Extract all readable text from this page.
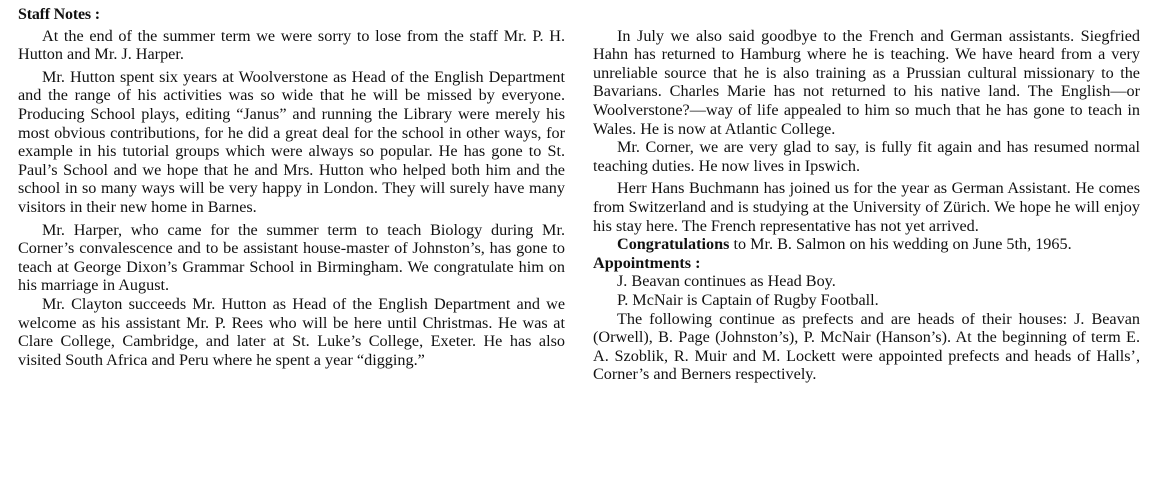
Staff Notes :

At the end of the summer term we were sorry to lose from the staff Mr. P. H. Hutton and Mr. J. Harper.

Mr. Hutton spent six years at Woolverstone as Head of the English Department and the range of his activities was so wide that he will be missed by everyone. Producing School plays, editing “Janus” and running the Library were merely his most obvious contributions, for he did a great deal for the school in other ways, for example in his tutorial groups which were always so popular. He has gone to St. Paul’s School and we hope that he and Mrs. Hutton who helped both him and the school in so many ways will be very happy in London. They will surely have many visitors in their new home in Barnes.

Mr. Harper, who came for the summer term to teach Biology during Mr. Corner’s convalescence and to be assistant house-master of Johnston’s, has gone to teach at George Dixon’s Grammar School in Birmingham. We congratulate him on his marriage in August.

Mr. Clayton succeeds Mr. Hutton as Head of the English Department and we welcome as his assistant Mr. P. Rees who will be here until Christmas. He was at Clare College, Cambridge, and later at St. Luke’s College, Exeter. He has also visited South Africa and Peru where he spent a year “digging.”

In July we also said goodbye to the French and German assistants. Siegfried Hahn has returned to Hamburg where he is teaching. We have heard from a very unreliable source that he is also training as a Prussian cultural missionary to the Bavarians. Charles Marie has not returned to his native land. The English—or Woolverstone?—way of life appealed to him so much that he has gone to teach in Wales. He is now at Atlantic College.

Mr. Corner, we are very glad to say, is fully fit again and has resumed normal teaching duties. He now lives in Ipswich.

Herr Hans Buchmann has joined us for the year as German Assistant. He comes from Switzerland and is studying at the University of Zürich. We hope he will enjoy his stay here. The French representative has not yet arrived.

Congratulations to Mr. B. Salmon on his wedding on June 5th, 1965.

Appointments :

J. Beavan continues as Head Boy.

P. McNair is Captain of Rugby Football.

The following continue as prefects and are heads of their houses: J. Beavan (Orwell), B. Page (Johnston’s), P. McNair (Hanson’s). At the beginning of term E. A. Szoblik, R. Muir and M. Lockett were appointed prefects and heads of Halls’, Corner’s and Berners respectively.
